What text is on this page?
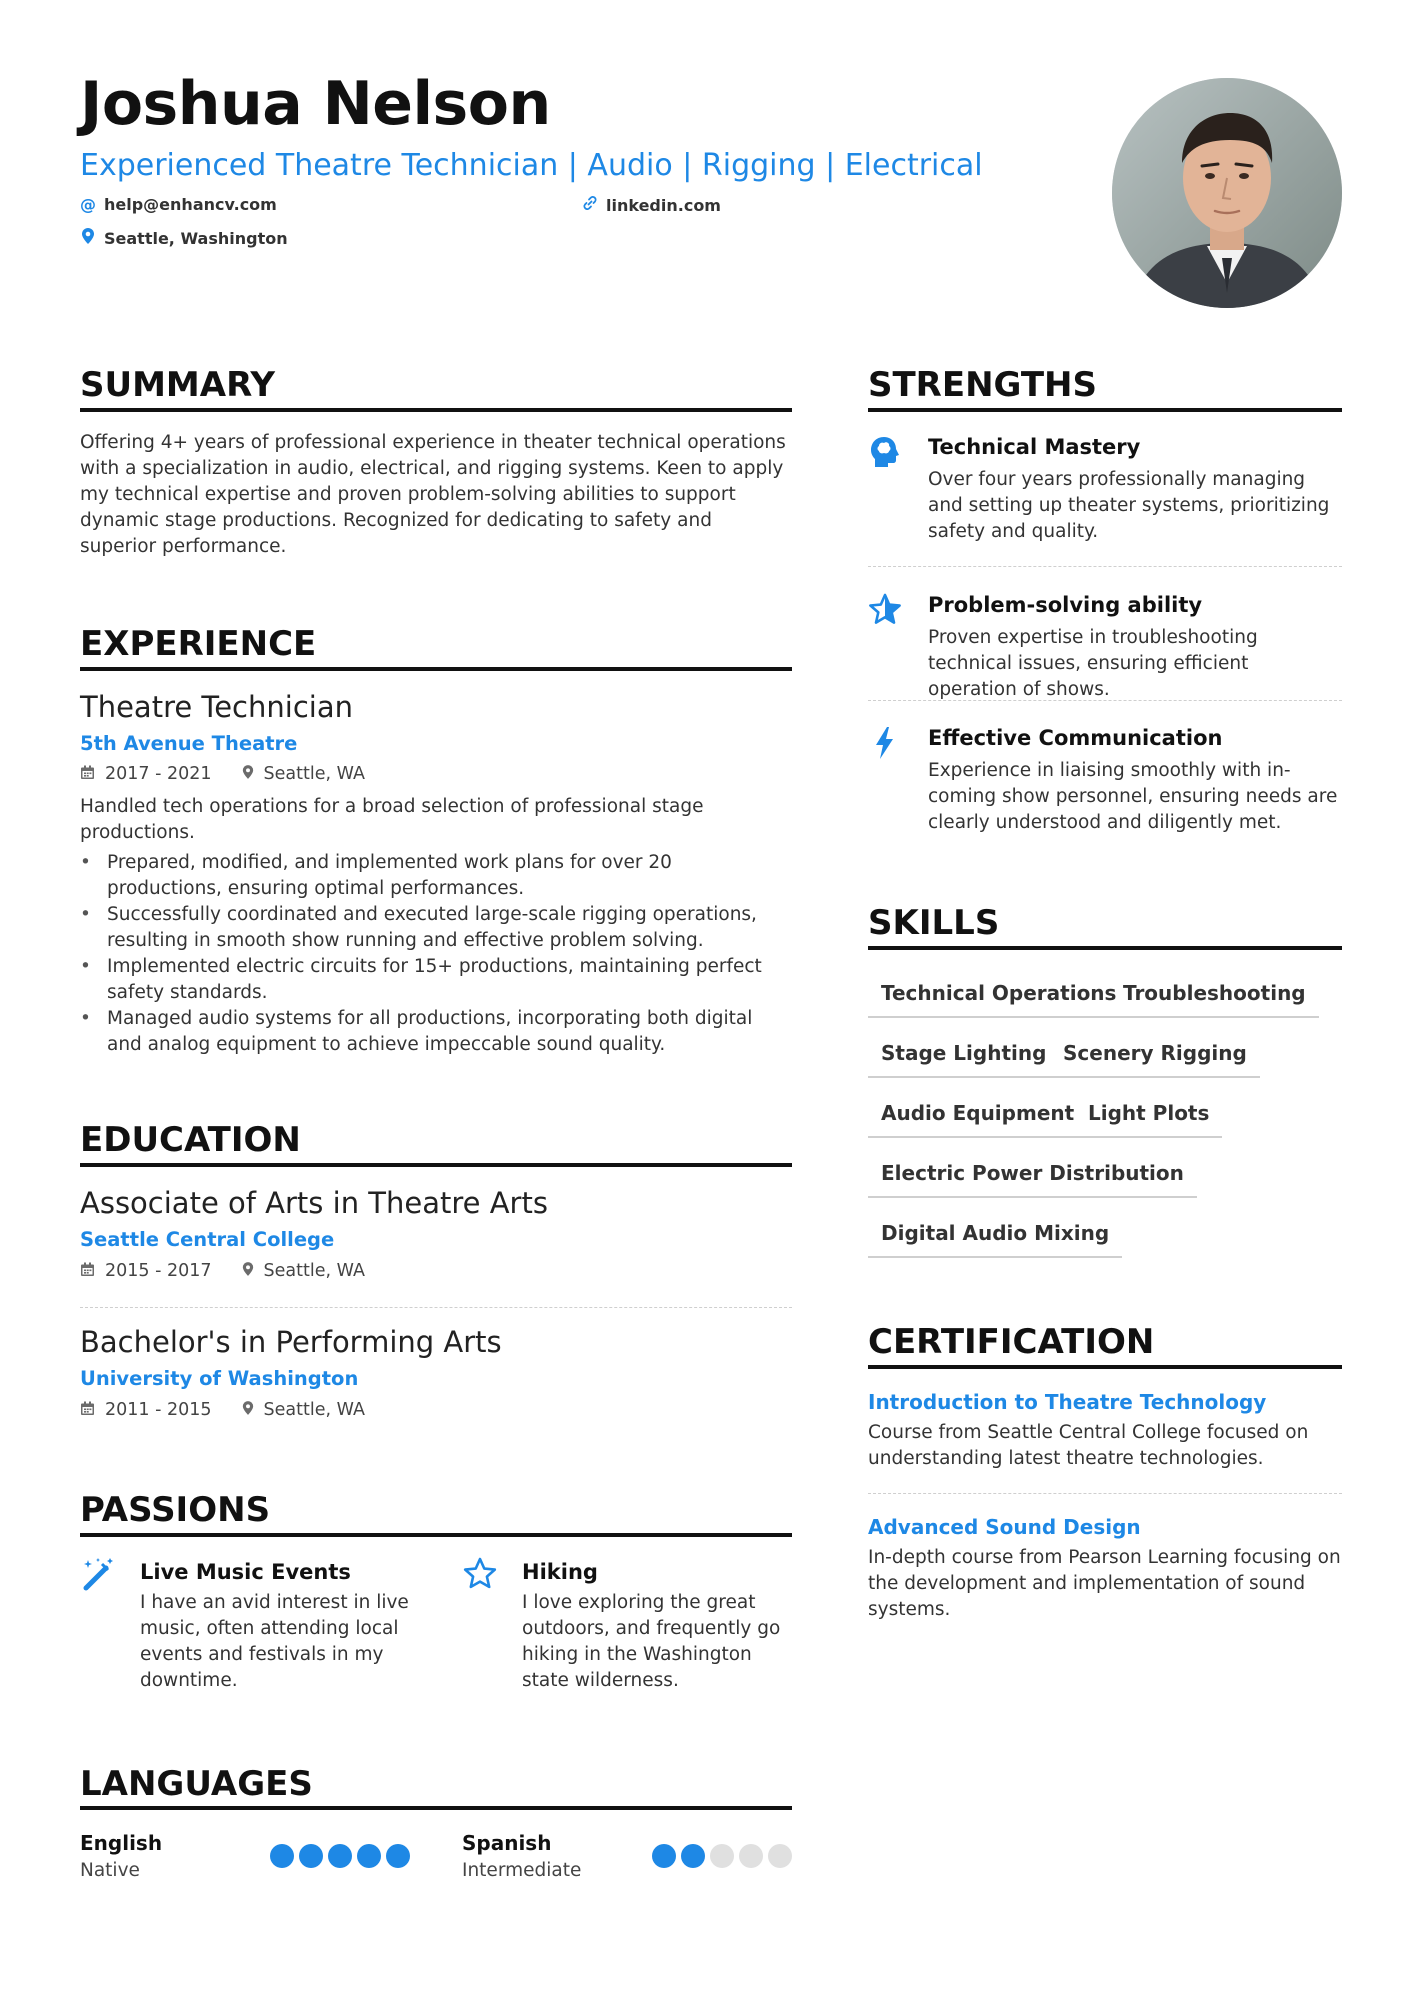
Joshua Nelson
Experienced Theatre Technician | Audio | Rigging | Electrical
@ help@enhancv.com	linkedin.com
Seattle, Washington
SUMMARY
Offering 4+ years of professional experience in theater technical operations with a specialization in audio, electrical, and rigging systems. Keen to apply my technical expertise and proven problem-solving abilities to support dynamic stage productions. Recognized for dedicating to safety and superior performance.
EXPERIENCE
Theatre Technician
5th Avenue Theatre
2017 - 2021	Seattle, WA
Handled tech operations for a broad selection of professional stage productions.
• Prepared, modified, and implemented work plans for over 20 productions, ensuring optimal performances.
• Successfully coordinated and executed large-scale rigging operations, resulting in smooth show running and effective problem solving.
• Implemented electric circuits for 15+ productions, maintaining perfect safety standards.
• Managed audio systems for all productions, incorporating both digital and analog equipment to achieve impeccable sound quality.
EDUCATION
Associate of Arts in Theatre Arts
Seattle Central College
2015 - 2017	Seattle, WA
Bachelor's in Performing Arts
University of Washington
2011 - 2015	Seattle, WA
PASSIONS
Live Music Events
I have an avid interest in live music, often attending local events and festivals in my downtime.
Hiking
I love exploring the great outdoors, and frequently go hiking in the Washington state wilderness.
LANGUAGES
English
Native
Spanish
Intermediate
STRENGTHS
Technical Mastery
Over four years professionally managing and setting up theater systems, prioritizing safety and quality.
Problem-solving ability
Proven expertise in troubleshooting technical issues, ensuring efficient operation of shows.
Effective Communication
Experience in liaising smoothly with in-coming show personnel, ensuring needs are clearly understood and diligently met.
SKILLS
Technical Operations Troubleshooting
Stage Lighting Scenery Rigging
Audio Equipment Light Plots
Electric Power Distribution
Digital Audio Mixing
CERTIFICATION
Introduction to Theatre Technology
Course from Seattle Central College focused on understanding latest theatre technologies.
Advanced Sound Design
In-depth course from Pearson Learning focusing on the development and implementation of sound systems.
